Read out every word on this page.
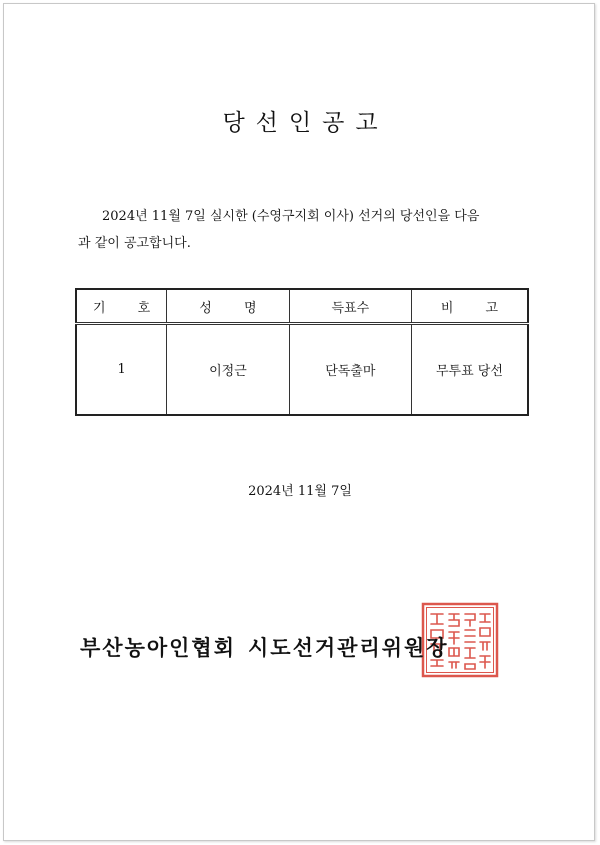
당선인공고
2024년 11월 7일 실시한 (수영구지회 이사) 선거의 당선인을 다음
과 같이 공고합니다.
기 호	성 명	득표수	비 고
1	이정근	단독출마	무투표 당선
2024년 11월 7일
부산농아인협회 시도선거관리위원장
